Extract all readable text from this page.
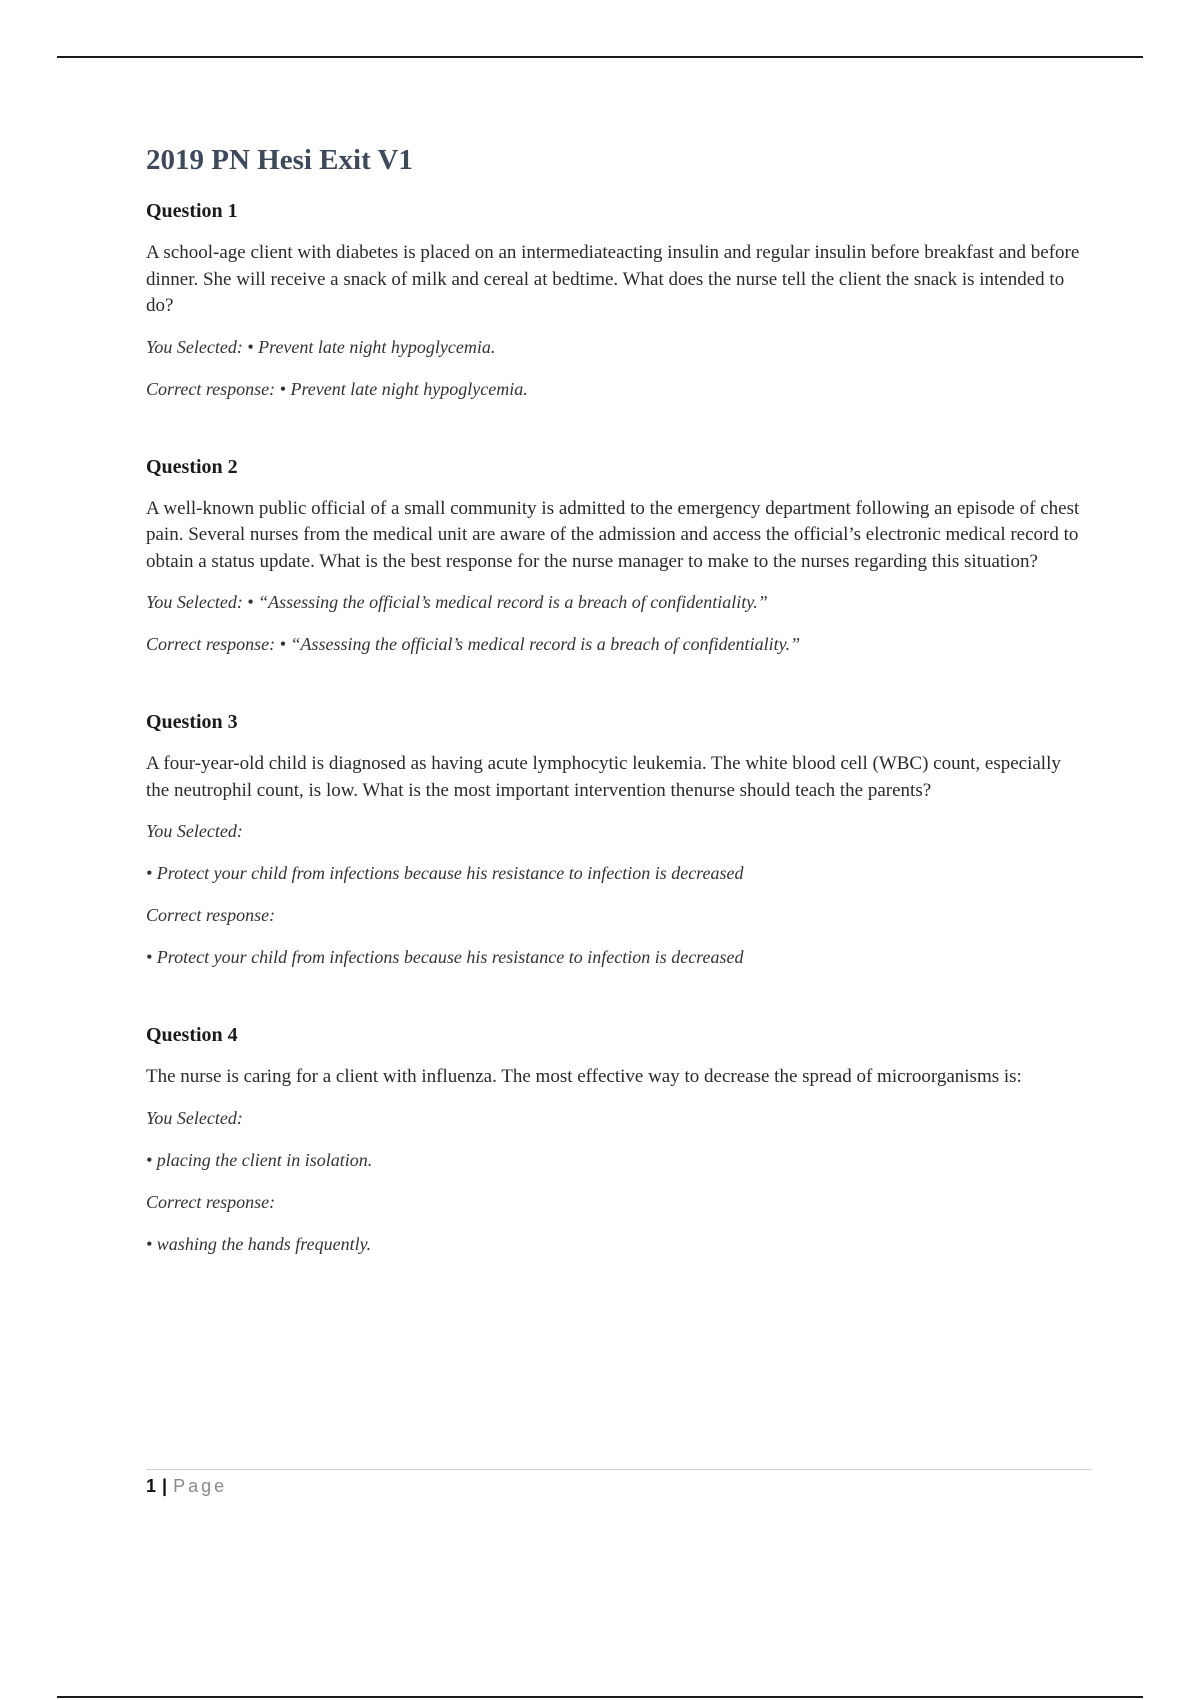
2019 PN Hesi Exit V1
Question 1
A school-age client with diabetes is placed on an intermediateacting insulin and regular insulin before breakfast and before dinner. She will receive a snack of milk and cereal at bedtime. What does the nurse tell the client the snack is intended to do?
You Selected: • Prevent late night hypoglycemia.
Correct response: • Prevent late night hypoglycemia.
Question 2
A well-known public official of a small community is admitted to the emergency department following an episode of chest pain. Several nurses from the medical unit are aware of the admission and access the official’s electronic medical record to obtain a status update. What is the best response for the nurse manager to make to the nurses regarding this situation?
You Selected: • “Assessing the official’s medical record is a breach of confidentiality.”
Correct response: • “Assessing the official’s medical record is a breach of confidentiality.”
Question 3
A four-year-old child is diagnosed as having acute lymphocytic leukemia. The white blood cell (WBC) count, especially the neutrophil count, is low. What is the most important intervention thenurse should teach the parents?
You Selected:
• Protect your child from infections because his resistance to infection is decreased
Correct response:
• Protect your child from infections because his resistance to infection is decreased
Question 4
The nurse is caring for a client with influenza. The most effective way to decrease the spread of microorganisms is:
You Selected:
• placing the client in isolation.
Correct response:
• washing the hands frequently.
1 | Page
